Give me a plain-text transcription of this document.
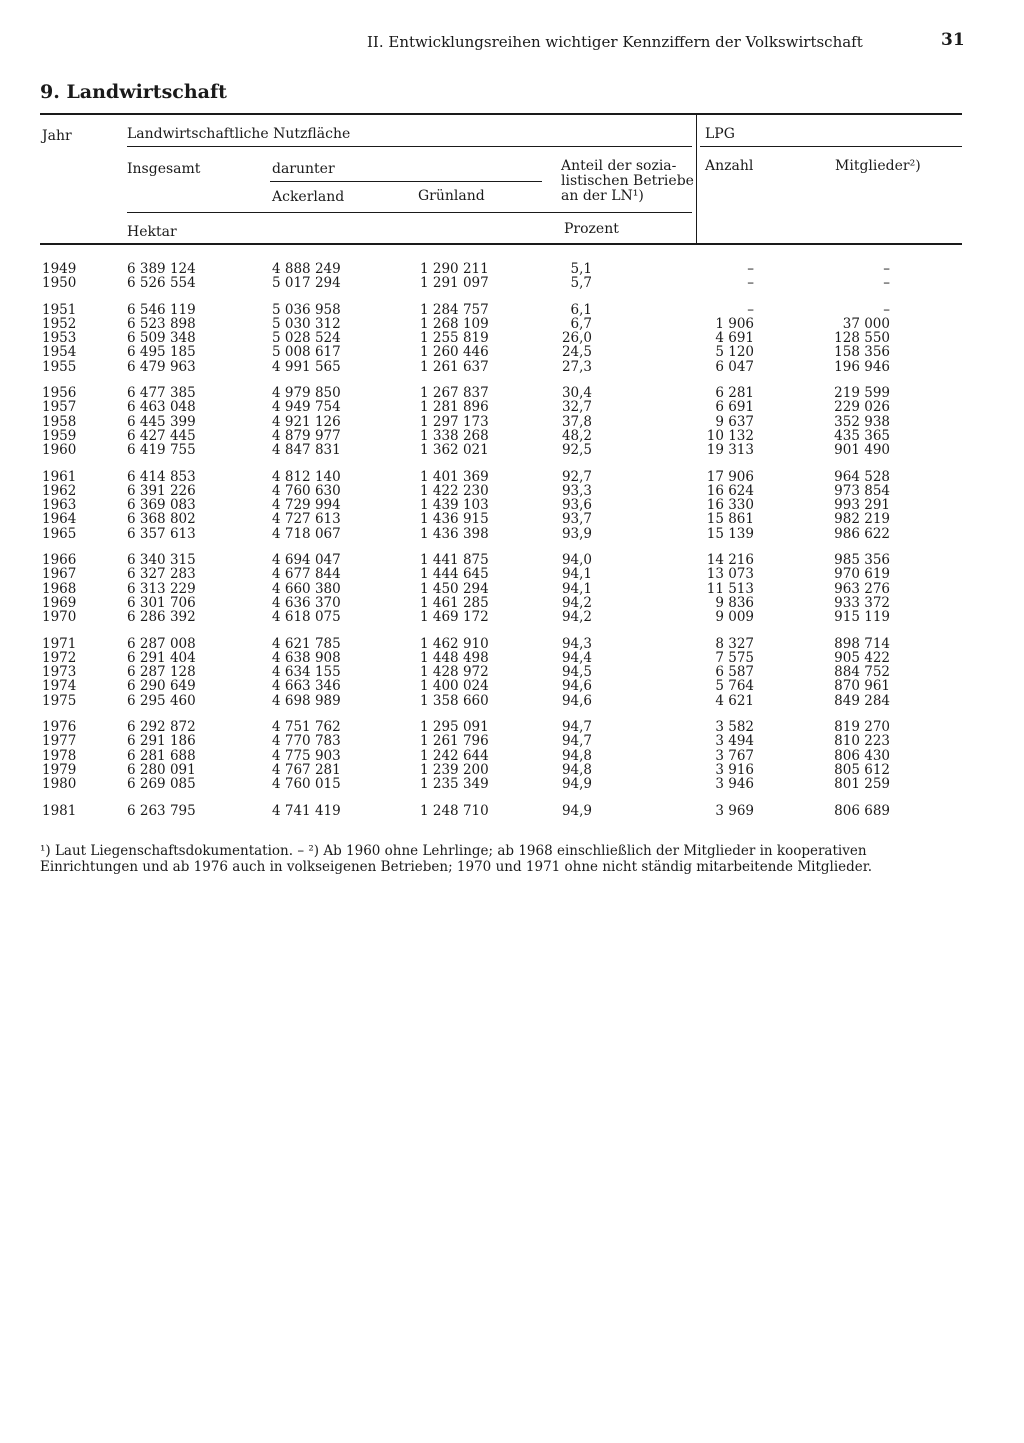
II. Entwicklungsreihen wichtiger Kennziffern der Volkswirtschaft	31
9. Landwirtschaft
Jahr	Landwirtschaftliche Nutzfläche	LPG
Insgesamt	darunter
Ackerland	Grünland
Anteil der sozia-
listischen Betriebe
an der LN¹)
Anzahl	Mitglieder²)
Hektar	Prozent
1949	6 389 124	4 888 249	1 290 211	5,1	–	–
1950	6 526 554	5 017 294	1 291 097	5,7	–	–
1951	6 546 119	5 036 958	1 284 757	6,1	–	–
1952	6 523 898	5 030 312	1 268 109	6,7	1 906	37 000
1953	6 509 348	5 028 524	1 255 819	26,0	4 691	128 550
1954	6 495 185	5 008 617	1 260 446	24,5	5 120	158 356
1955	6 479 963	4 991 565	1 261 637	27,3	6 047	196 946
1956	6 477 385	4 979 850	1 267 837	30,4	6 281	219 599
1957	6 463 048	4 949 754	1 281 896	32,7	6 691	229 026
1958	6 445 399	4 921 126	1 297 173	37,8	9 637	352 938
1959	6 427 445	4 879 977	1 338 268	48,2	10 132	435 365
1960	6 419 755	4 847 831	1 362 021	92,5	19 313	901 490
1961	6 414 853	4 812 140	1 401 369	92,7	17 906	964 528
1962	6 391 226	4 760 630	1 422 230	93,3	16 624	973 854
1963	6 369 083	4 729 994	1 439 103	93,6	16 330	993 291
1964	6 368 802	4 727 613	1 436 915	93,7	15 861	982 219
1965	6 357 613	4 718 067	1 436 398	93,9	15 139	986 622
1966	6 340 315	4 694 047	1 441 875	94,0	14 216	985 356
1967	6 327 283	4 677 844	1 444 645	94,1	13 073	970 619
1968	6 313 229	4 660 380	1 450 294	94,1	11 513	963 276
1969	6 301 706	4 636 370	1 461 285	94,2	9 836	933 372
1970	6 286 392	4 618 075	1 469 172	94,2	9 009	915 119
1971	6 287 008	4 621 785	1 462 910	94,3	8 327	898 714
1972	6 291 404	4 638 908	1 448 498	94,4	7 575	905 422
1973	6 287 128	4 634 155	1 428 972	94,5	6 587	884 752
1974	6 290 649	4 663 346	1 400 024	94,6	5 764	870 961
1975	6 295 460	4 698 989	1 358 660	94,6	4 621	849 284
1976	6 292 872	4 751 762	1 295 091	94,7	3 582	819 270
1977	6 291 186	4 770 783	1 261 796	94,7	3 494	810 223
1978	6 281 688	4 775 903	1 242 644	94,8	3 767	806 430
1979	6 280 091	4 767 281	1 239 200	94,8	3 916	805 612
1980	6 269 085	4 760 015	1 235 349	94,9	3 946	801 259
1981	6 263 795	4 741 419	1 248 710	94,9	3 969	806 689
¹) Laut Liegenschaftsdokumentation. – ²) Ab 1960 ohne Lehrlinge; ab 1968 einschließlich der Mitglieder in kooperativen Einrichtungen und ab 1976 auch in volkseigenen Betrieben; 1970 und 1971 ohne nicht ständig mitarbeitende Mitglieder.
